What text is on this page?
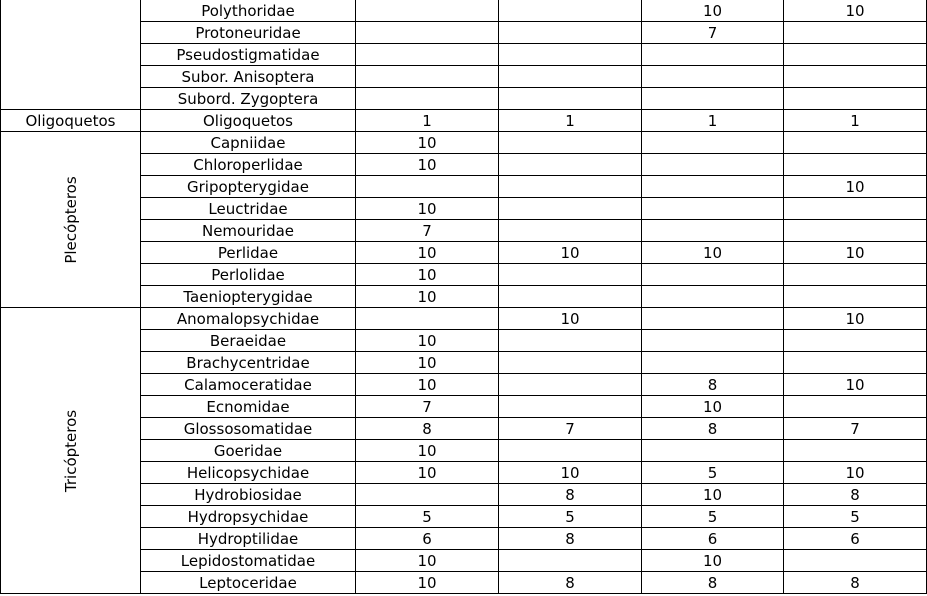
	Polythoridae			10	10
	Protoneuridae			7	
	Pseudostigmatidae				
	Subor. Anisoptera				
	Subord. Zygoptera				
Oligoquetos	Oligoquetos	1	1	1	1

Plecópteros	Capniidae	10			
	Chloroperlidae	10			
	Gripopterygidae				10
	Leuctridae	10			
	Nemouridae	7			
	Perlidae	10	10	10	10
	Perlolidae	10			
	Taeniopterygidae	10			

Tricópteros	Anomalopsychidae		10		10
	Beraeidae	10			
	Brachycentridae	10			
	Calamoceratidae	10		8	10
	Ecnomidae	7		10	
	Glossosomatidae	8	7	8	7
	Goeridae	10			
	Helicopsychidae	10	10	5	10
	Hydrobiosidae		8	10	8
	Hydropsychidae	5	5	5	5
	Hydroptilidae	6	8	6	6
	Lepidostomatidae	10		10	
	Leptoceridae	10	8	8	8
